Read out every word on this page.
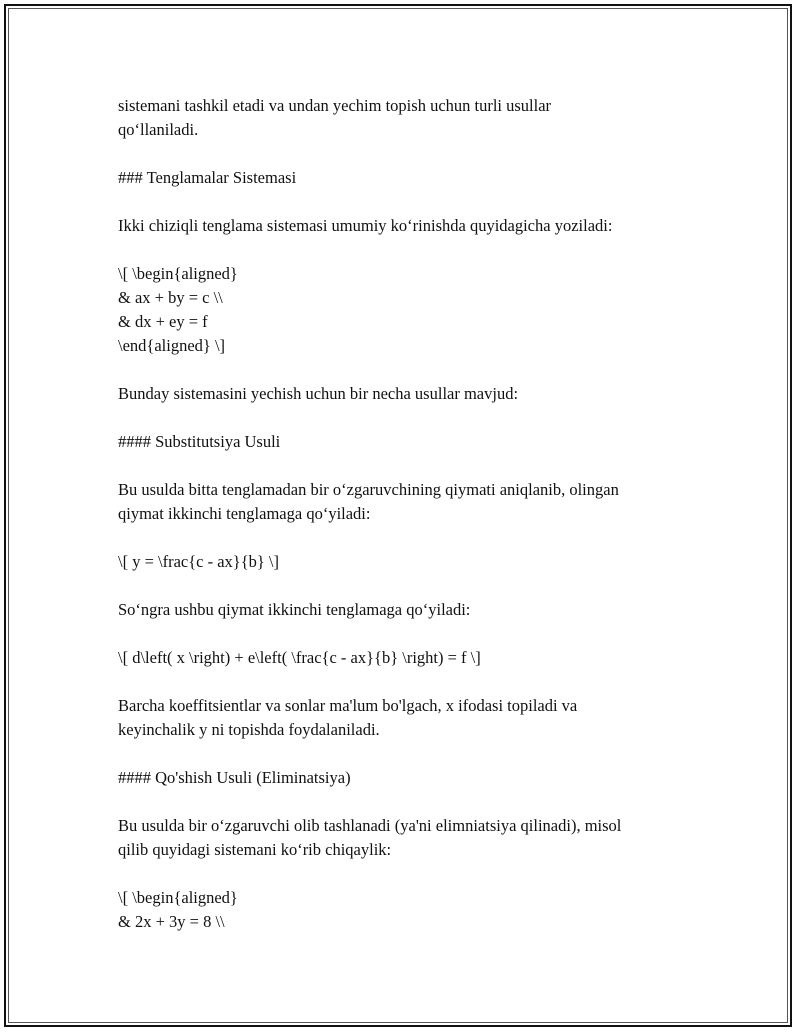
sistemani tashkil etadi va undan yechim topish uchun turli usullar

qo‘llaniladi.

### Tenglamalar Sistemasi

Ikki chiziqli tenglama sistemasi umumiy ko‘rinishda quyidagicha yoziladi:

\[ \begin{aligned}

& ax + by = c \\

& dx + ey = f

\end{aligned} \]

Bunday sistemasini yechish uchun bir necha usullar mavjud:

#### Substitutsiya Usuli

Bu usulda bitta tenglamadan bir o‘zgaruvchining qiymati aniqlanib, olingan

qiymat ikkinchi tenglamaga qo‘yiladi:

\[ y = \frac{c - ax}{b} \]

So‘ngra ushbu qiymat ikkinchi tenglamaga qo‘yiladi:

\[ d\left( x \right) + e\left( \frac{c - ax}{b} \right) = f \]

Barcha koeffitsientlar va sonlar ma'lum bo'lgach, x ifodasi topiladi va

keyinchalik y ni topishda foydalaniladi.

#### Qo'shish Usuli (Eliminatsiya)

Bu usulda bir o‘zgaruvchi olib tashlanadi (ya'ni elimniatsiya qilinadi), misol

qilib quyidagi sistemani ko‘rib chiqaylik:

\[ \begin{aligned}

& 2x + 3y = 8 \\
